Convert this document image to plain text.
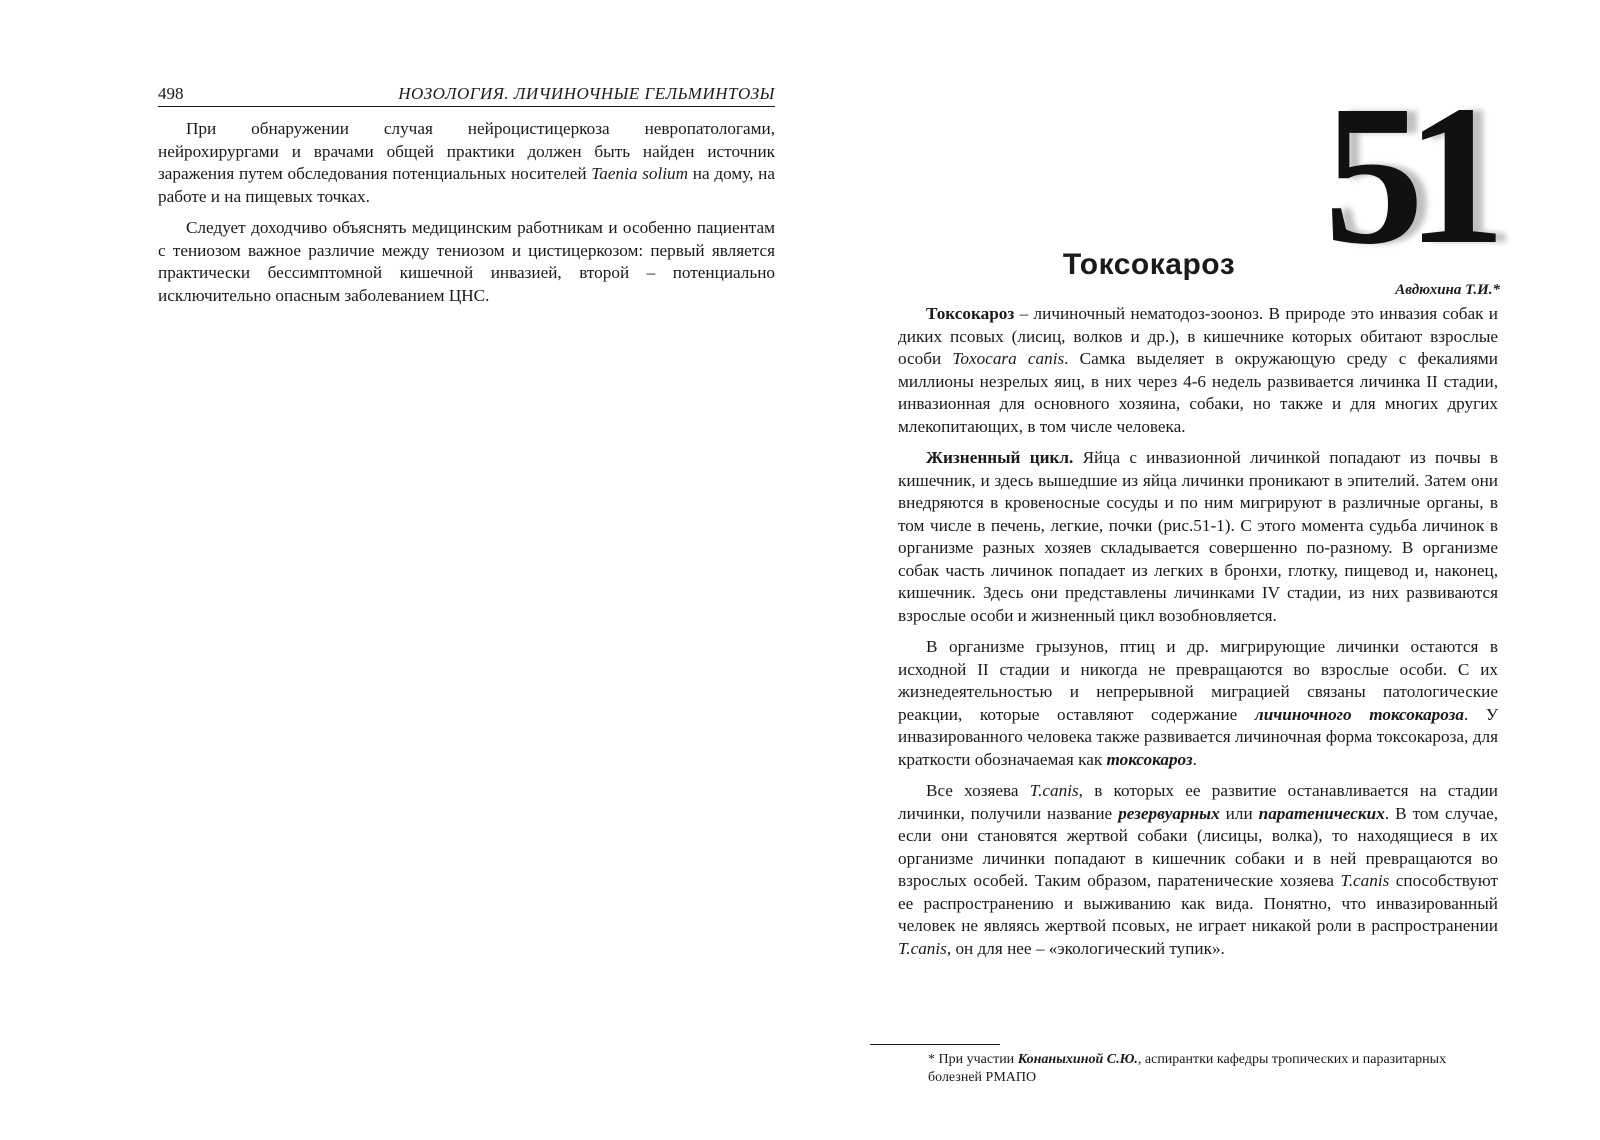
498	НОЗОЛОГИЯ. ЛИЧИНОЧНЫЕ ГЕЛЬМИНТОЗЫ

При обнаружении случая нейроцистицеркоза невропатологами, нейрохирургами и врачами общей практики должен быть найден источник заражения путем обследования потенциальных носителей Taenia solium на дому, на работе и на пищевых точках.

Следует доходчиво объяснять медицинским работникам и особенно пациентам с тениозом важное различие между тениозом и цистицеркозом: первый является практически бессимптомной кишечной инвазией, второй – потенциально исключительно опасным заболеванием ЦНС.

51
Токсокароз
Авдюхина Т.И.*

Токсокароз – личиночный нематодоз-зооноз. В природе это инвазия собак и диких псовых (лисиц, волков и др.), в кишечнике которых обитают взрослые особи Toxocara canis. Самка выделяет в окружающую среду с фекалиями миллионы незрелых яиц, в них через 4-6 недель развивается личинка II стадии, инвазионная для основного хозяина, собаки, но также и для многих других млекопитающих, в том числе человека.

Жизненный цикл. Яйца с инвазионной личинкой попадают из почвы в кишечник, и здесь вышедшие из яйца личинки проникают в эпителий. Затем они внедряются в кровеносные сосуды и по ним мигрируют в различные органы, в том числе в печень, легкие, почки (рис.51-1). С этого момента судьба личинок в организме разных хозяев складывается совершенно по-разному. В организме собак часть личинок попадает из легких в бронхи, глотку, пищевод и, наконец, кишечник. Здесь они представлены личинками IV стадии, из них развиваются взрослые особи и жизненный цикл возобновляется.

В организме грызунов, птиц и др. мигрирующие личинки остаются в исходной II стадии и никогда не превращаются во взрослые особи. С их жизнедеятельностью и непрерывной миграцией связаны патологические реакции, которые оставляют содержание личиночного токсокароза. У инвазированного человека также развивается личиночная форма токсокароза, для краткости обозначаемая как токсокароз.

Все хозяева T.canis, в которых ее развитие останавливается на стадии личинки, получили название резервуарных или паратенических. В том случае, если они становятся жертвой собаки (лисицы, волка), то находящиеся в их организме личинки попадают в кишечник собаки и в ней превращаются во взрослых особей. Таким образом, паратенические хозяева T.canis способствуют ее распространению и выживанию как вида. Понятно, что инвазированный человек не являясь жертвой псовых, не играет никакой роли в распространении T.canis, он для нее – «экологический тупик».

* При участии Конаныхиной С.Ю., аспирантки кафедры тропических и паразитарных болезней РМАПО
